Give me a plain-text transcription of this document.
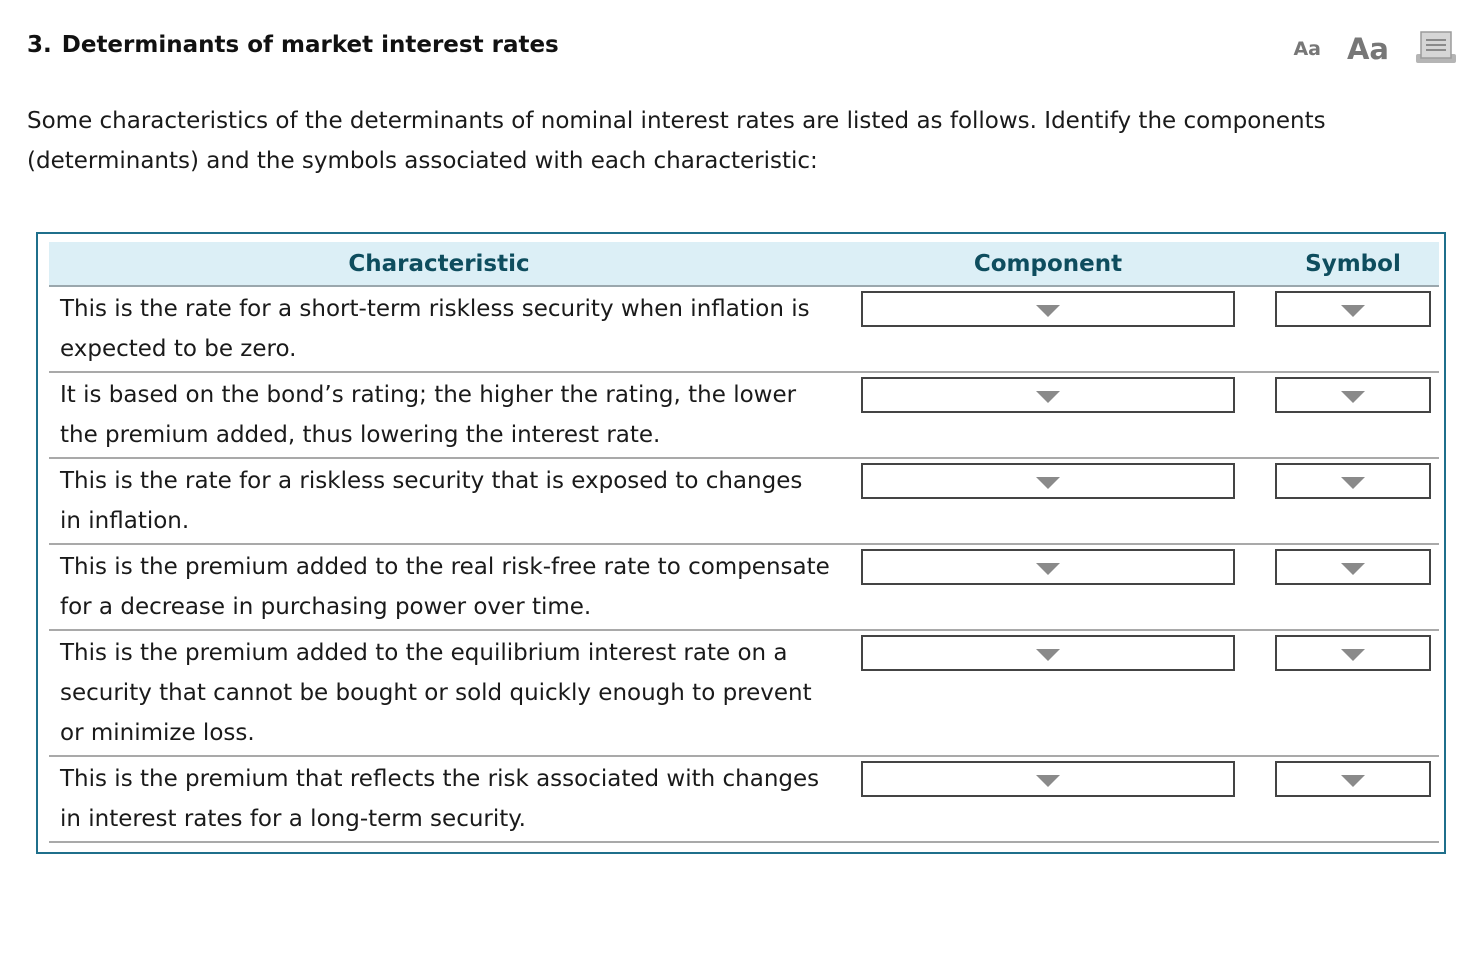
3. Determinants of market interest rates	Aa Aa
Some characteristics of the determinants of nominal interest rates are listed as follows. Identify the components (determinants) and the symbols associated with each characteristic:
Characteristic	Component	Symbol
This is the rate for a short-term riskless security when inflation is expected to be zero.
It is based on the bond’s rating; the higher the rating, the lower the premium added, thus lowering the interest rate.
This is the rate for a riskless security that is exposed to changes in inflation.
This is the premium added to the real risk-free rate to compensate for a decrease in purchasing power over time.
This is the premium added to the equilibrium interest rate on a security that cannot be bought or sold quickly enough to prevent or minimize loss.
This is the premium that reflects the risk associated with changes in interest rates for a long-term security.
